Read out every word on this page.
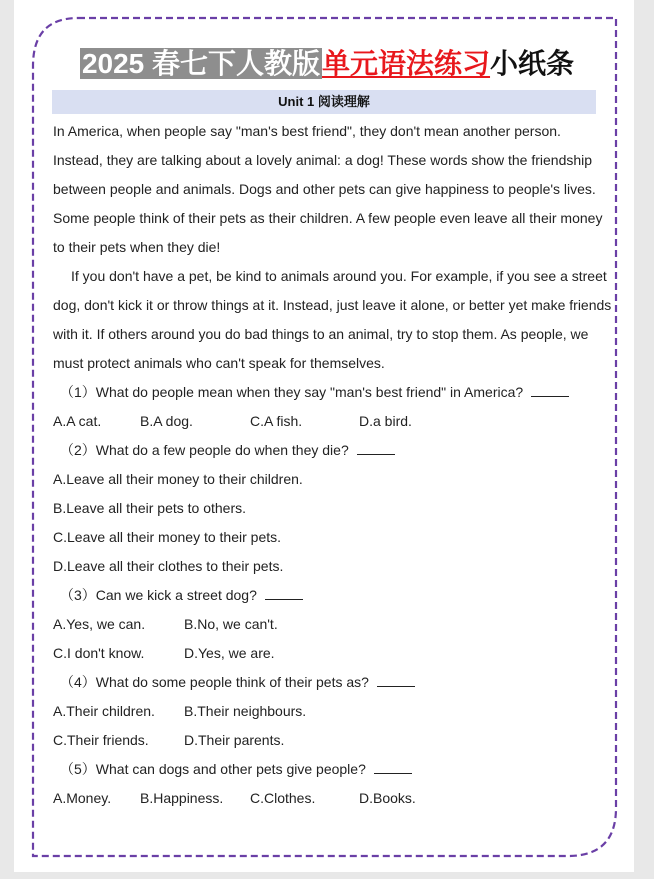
2025 春七下人教版单元语法练习小纸条
Unit 1 阅读理解

In America, when people say "man's best friend", they don't mean another person. Instead, they are talking about a lovely animal: a dog! These words show the friendship between people and animals. Dogs and other pets can give happiness to people's lives. Some people think of their pets as their children. A few people even leave all their money to their pets when they die!

If you don't have a pet, be kind to animals around you. For example, if you see a street dog, don't kick it or throw things at it. Instead, just leave it alone, or better yet make friends with it. If others around you do bad things to an animal, try to stop them. As people, we must protect animals who can't speak for themselves.

（1）What do people mean when they say "man's best friend" in America?

A.A cat.	B.A dog.	C.A fish.	D.a bird.

（2）What do a few people do when they die?

A.Leave all their money to their children.

B.Leave all their pets to others.

C.Leave all their money to their pets.

D.Leave all their clothes to their pets.

（3）Can we kick a street dog?

A.Yes, we can.	B.No, we can't.

C.I don't know.	D.Yes, we are.

（4）What do some people think of their pets as?

A.Their children. B.Their neighbours.

C.Their friends.	D.Their parents.

（5）What can dogs and other pets give people?

A.Money. B.Happiness. C.Clothes.	D.Books.
